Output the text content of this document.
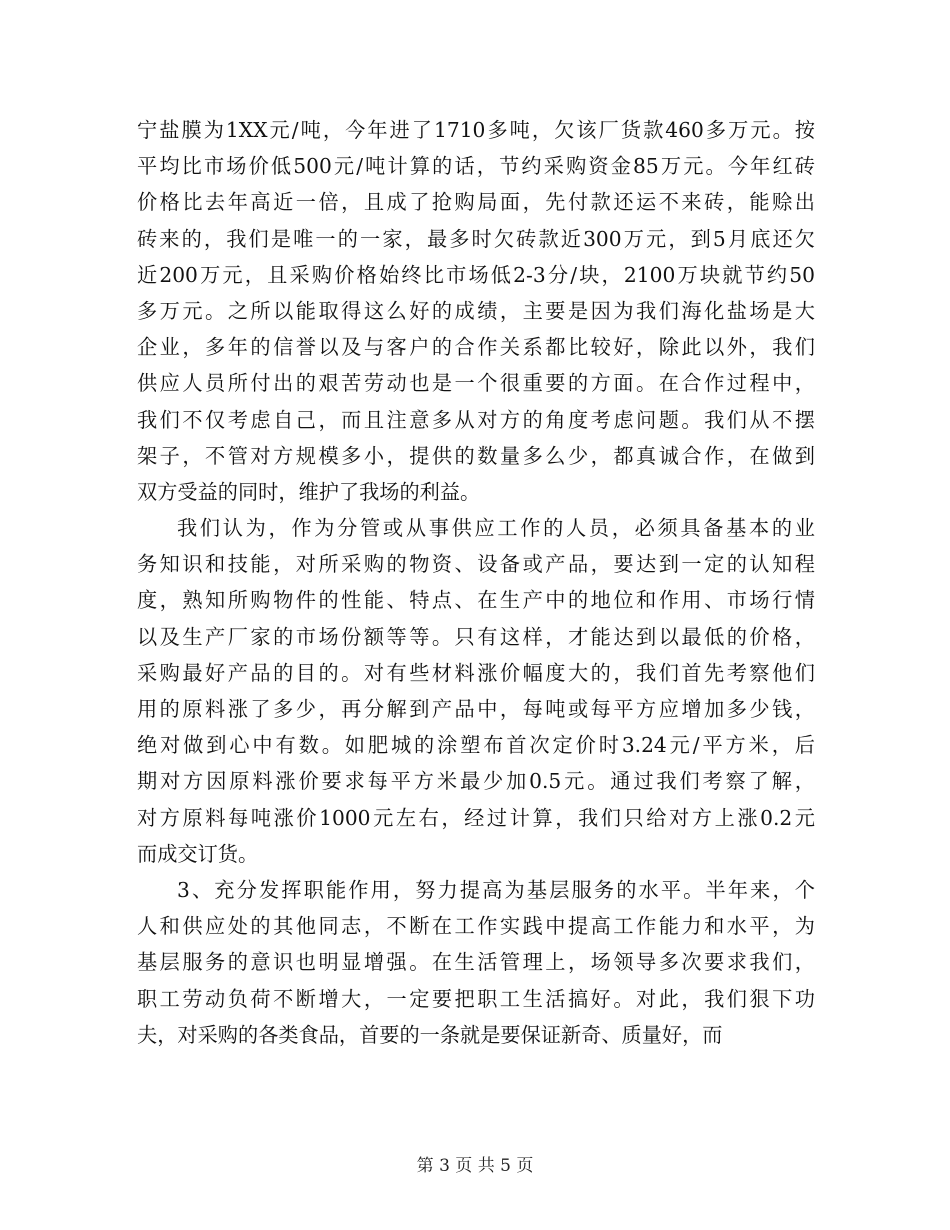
宁盐膜为1XX元/吨，今年进了1710多吨，欠该厂货款460多万元。按
平均比市场价低500元/吨计算的话，节约采购资金85万元。今年红砖
价格比去年高近一倍，且成了抢购局面，先付款还运不来砖，能赊出
砖来的，我们是唯一的一家，最多时欠砖款近300万元，到5月底还欠
近200万元，且采购价格始终比市场低2-3分/块，2100万块就节约50
多万元。之所以能取得这么好的成绩，主要是因为我们海化盐场是大
企业，多年的信誉以及与客户的合作关系都比较好，除此以外，我们
供应人员所付出的艰苦劳动也是一个很重要的方面。在合作过程中，
我们不仅考虑自己，而且注意多从对方的角度考虑问题。我们从不摆
架子，不管对方规模多小，提供的数量多么少，都真诚合作，在做到
双方受益的同时，维护了我场的利益。
我们认为，作为分管或从事供应工作的人员，必须具备基本的业
务知识和技能，对所采购的物资、设备或产品，要达到一定的认知程
度，熟知所购物件的性能、特点、在生产中的地位和作用、市场行情
以及生产厂家的市场份额等等。只有这样，才能达到以最低的价格，
采购最好产品的目的。对有些材料涨价幅度大的，我们首先考察他们
用的原料涨了多少，再分解到产品中，每吨或每平方应增加多少钱，
绝对做到心中有数。如肥城的涂塑布首次定价时3.24元/平方米，后
期对方因原料涨价要求每平方米最少加0.5元。通过我们考察了解，
对方原料每吨涨价1000元左右，经过计算，我们只给对方上涨0.2元
而成交订货。
3、充分发挥职能作用，努力提高为基层服务的水平。半年来，个
人和供应处的其他同志，不断在工作实践中提高工作能力和水平，为
基层服务的意识也明显增强。在生活管理上，场领导多次要求我们，
职工劳动负荷不断增大，一定要把职工生活搞好。对此，我们狠下功
夫，对采购的各类食品，首要的一条就是要保证新奇、质量好，而
第 3 页 共 5 页
